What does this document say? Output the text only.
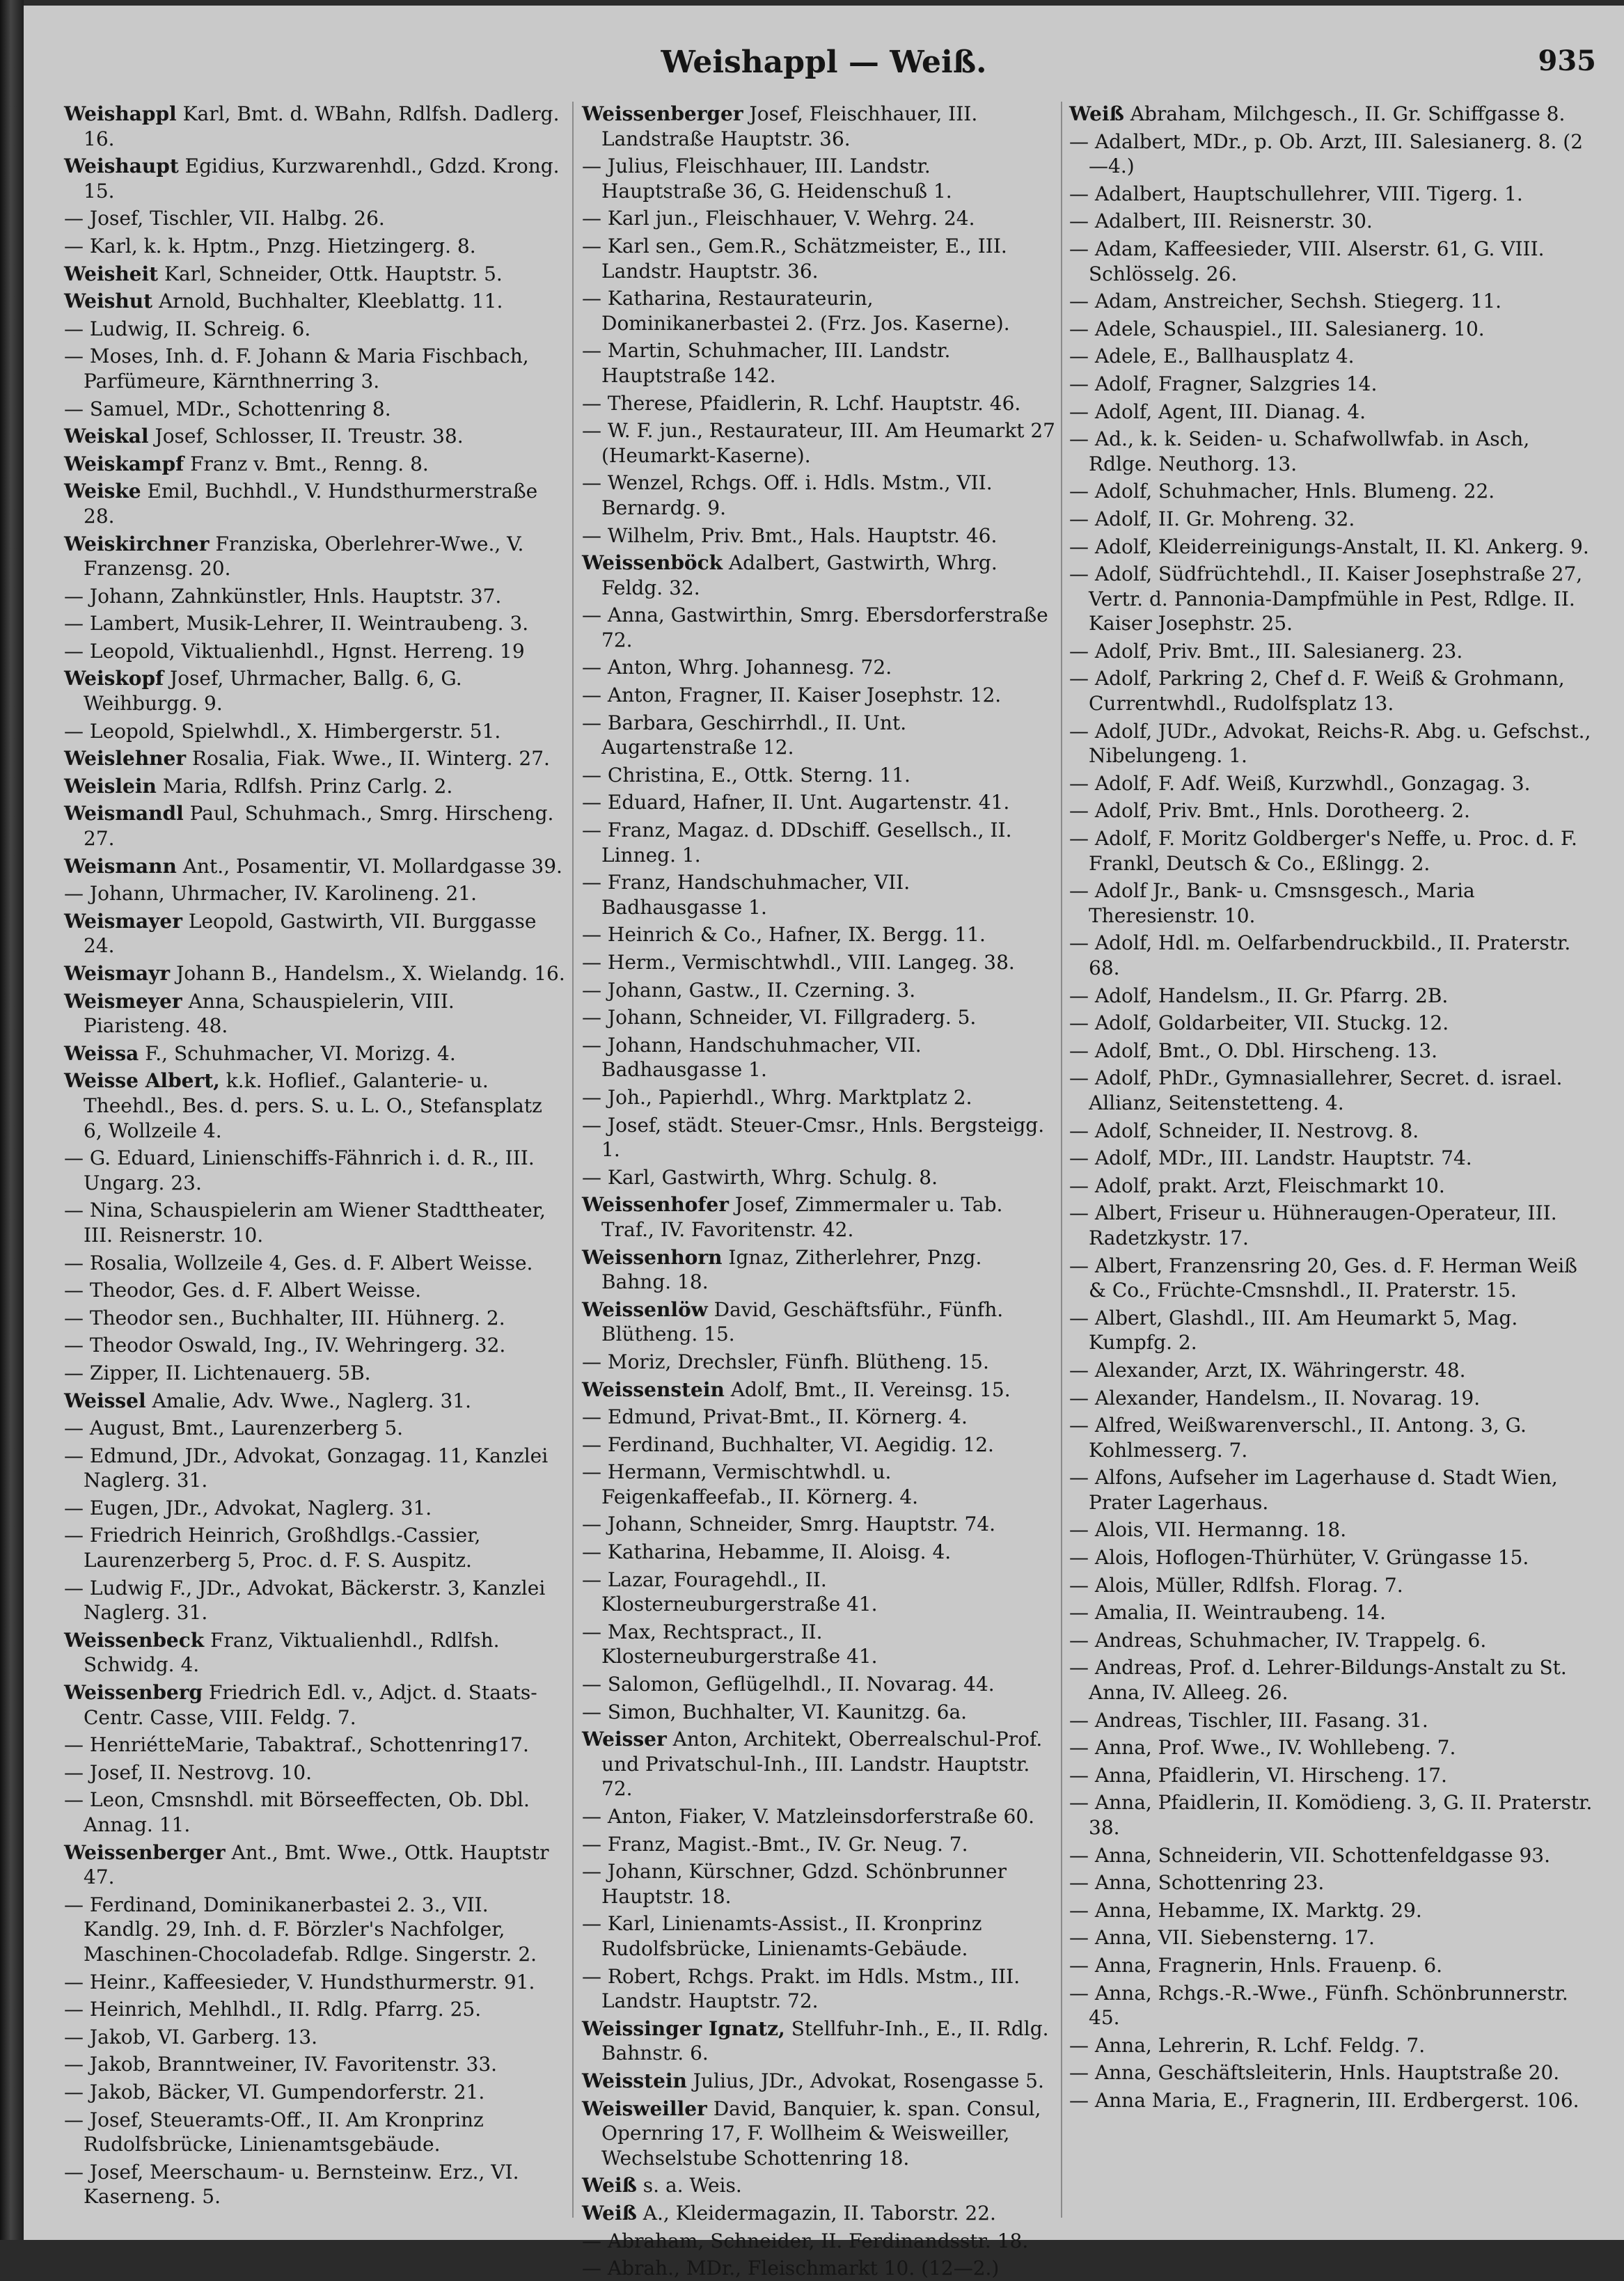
Weishappl — Weiß.	935
Weishappl Karl, Bmt. d. WBahn, Rdlfsh. Dadlerg. 16.
Weishaupt Egidius, Kurzwarenhdl., Gdzd. Krong. 15.
— Josef, Tischler, VII. Halbg. 26.
— Karl, k. k. Hptm., Pnzg. Hietzingerg. 8.
Weisheit Karl, Schneider, Ottk. Hauptstr. 5.
Weishut Arnold, Buchhalter, Kleeblattg. 11.
— Ludwig, II. Schreig. 6.
— Moses, Inh. d. F. Johann & Maria Fischbach, Parfümeure, Kärnthnerring 3.
— Samuel, MDr., Schottenring 8.
Weiskal Josef, Schlosser, II. Treustr. 38.
Weiskampf Franz v. Bmt., Renng. 8.
Weiske Emil, Buchhdl., V. Hundsthurmerstraße 28.
Weiskirchner Franziska, Oberlehrer-Wwe., V. Franzensg. 20.
— Johann, Zahnkünstler, Hnls. Hauptstr. 37.
— Lambert, Musik-Lehrer, II. Weintraubeng. 3.
— Leopold, Viktualienhdl., Hgnst. Herreng. 19
Weiskopf Josef, Uhrmacher, Ballg. 6, G. Weihburgg. 9.
— Leopold, Spielwhdl., X. Himbergerstr. 51.
Weislehner Rosalia, Fiak. Wwe., II. Winterg. 27.
Weislein Maria, Rdlfsh. Prinz Carlg. 2.
Weismandl Paul, Schuhmach., Smrg. Hirscheng. 27.
Weismann Ant., Posamentir, VI. Mollardgasse 39.
— Johann, Uhrmacher, IV. Karolineng. 21.
Weismayer Leopold, Gastwirth, VII. Burggasse 24.
Weismayr Johann B., Handelsm., X. Wielandg. 16.
Weismeyer Anna, Schauspielerin, VIII. Piaristeng. 48.
Weissa F., Schuhmacher, VI. Morizg. 4.
Weisse Albert, k.k. Hoflief., Galanterie- u. Theehdl., Bes. d. pers. S. u. L. O., Stefansplatz 6, Wollzeile 4.
— G. Eduard, Linienschiffs-Fähnrich i. d. R., III. Ungarg. 23.
— Nina, Schauspielerin am Wiener Stadttheater, III. Reisnerstr. 10.
— Rosalia, Wollzeile 4, Ges. d. F. Albert Weisse.
— Theodor, Ges. d. F. Albert Weisse.
— Theodor sen., Buchhalter, III. Hühnerg. 2.
— Theodor Oswald, Ing., IV. Wehringerg. 32.
— Zipper, II. Lichtenauerg. 5B.
Weissel Amalie, Adv. Wwe., Naglerg. 31.
— August, Bmt., Laurenzerberg 5.
— Edmund, JDr., Advokat, Gonzagag. 11, Kanzlei Naglerg. 31.
— Eugen, JDr., Advokat, Naglerg. 31.
— Friedrich Heinrich, Großhdlgs.-Cassier, Laurenzerberg 5, Proc. d. F. S. Auspitz.
— Ludwig F., JDr., Advokat, Bäckerstr. 3, Kanzlei Naglerg. 31.
Weissenbeck Franz, Viktualienhdl., Rdlfsh. Schwidg. 4.
Weissenberg Friedrich Edl. v., Adjct. d. Staats-Centr. Casse, VIII. Feldg. 7.
— HenriétteMarie, Tabaktraf., Schottenring17.
— Josef, II. Nestrovg. 10.
— Leon, Cmsnshdl. mit Börseeffecten, Ob. Dbl. Annag. 11.
Weissenberger Ant., Bmt. Wwe., Ottk. Hauptstr 47.
— Ferdinand, Dominikanerbastei 2. 3., VII. Kandlg. 29, Inh. d. F. Börzler's Nachfolger, Maschinen-Chocoladefab. Rdlge. Singerstr. 2.
— Heinr., Kaffeesieder, V. Hundsthurmerstr. 91.
— Heinrich, Mehlhdl., II. Rdlg. Pfarrg. 25.
— Jakob, VI. Garberg. 13.
— Jakob, Branntweiner, IV. Favoritenstr. 33.
— Jakob, Bäcker, VI. Gumpendorferstr. 21.
— Josef, Steueramts-Off., II. Am Kronprinz Rudolfsbrücke, Linienamtsgebäude.
— Josef, Meerschaum- u. Bernsteinw. Erz., VI. Kaserneng. 5.
Weissenberger Josef, Fleischhauer, III. Landstraße Hauptstr. 36.
— Julius, Fleischhauer, III. Landstr. Hauptstraße 36, G. Heidenschuß 1.
— Karl jun., Fleischhauer, V. Wehrg. 24.
— Karl sen., Gem.R., Schätzmeister, E., III. Landstr. Hauptstr. 36.
— Katharina, Restaurateurin, Dominikanerbastei 2. (Frz. Jos. Kaserne).
— Martin, Schuhmacher, III. Landstr. Hauptstraße 142.
— Therese, Pfaidlerin, R. Lchf. Hauptstr. 46.
— W. F. jun., Restaurateur, III. Am Heumarkt 27 (Heumarkt-Kaserne).
— Wenzel, Rchgs. Off. i. Hdls. Mstm., VII. Bernardg. 9.
— Wilhelm, Priv. Bmt., Hals. Hauptstr. 46.
Weissenböck Adalbert, Gastwirth, Whrg. Feldg. 32.
— Anna, Gastwirthin, Smrg. Ebersdorferstraße 72.
— Anton, Whrg. Johannesg. 72.
— Anton, Fragner, II. Kaiser Josephstr. 12.
— Barbara, Geschirrhdl., II. Unt. Augartenstraße 12.
— Christina, E., Ottk. Sterng. 11.
— Eduard, Hafner, II. Unt. Augartenstr. 41.
— Franz, Magaz. d. DDschiff. Gesellsch., II. Linneg. 1.
— Franz, Handschuhmacher, VII. Badhausgasse 1.
— Heinrich & Co., Hafner, IX. Bergg. 11.
— Herm., Vermischtwhdl., VIII. Langeg. 38.
— Johann, Gastw., II. Czerning. 3.
— Johann, Schneider, VI. Fillgraderg. 5.
— Johann, Handschuhmacher, VII. Badhausgasse 1.
— Joh., Papierhdl., Whrg. Marktplatz 2.
— Josef, städt. Steuer-Cmsr., Hnls. Bergsteigg. 1.
— Karl, Gastwirth, Whrg. Schulg. 8.
Weissenhofer Josef, Zimmermaler u. Tab. Traf., IV. Favoritenstr. 42.
Weissenhorn Ignaz, Zitherlehrer, Pnzg. Bahng. 18.
Weissenlöw David, Geschäftsführ., Fünfh. Blütheng. 15.
— Moriz, Drechsler, Fünfh. Blütheng. 15.
Weissenstein Adolf, Bmt., II. Vereinsg. 15.
— Edmund, Privat-Bmt., II. Körnerg. 4.
— Ferdinand, Buchhalter, VI. Aegidig. 12.
— Hermann, Vermischtwhdl. u. Feigenkaffeefab., II. Körnerg. 4.
— Johann, Schneider, Smrg. Hauptstr. 74.
— Katharina, Hebamme, II. Aloisg. 4.
— Lazar, Fouragehdl., II. Klosterneuburgerstraße 41.
— Max, Rechtspract., II. Klosterneuburgerstraße 41.
— Salomon, Geflügelhdl., II. Novarag. 44.
— Simon, Buchhalter, VI. Kaunitzg. 6a.
Weisser Anton, Architekt, Oberrealschul-Prof. und Privatschul-Inh., III. Landstr. Hauptstr. 72.
— Anton, Fiaker, V. Matzleinsdorferstraße 60.
— Franz, Magist.-Bmt., IV. Gr. Neug. 7.
— Johann, Kürschner, Gdzd. Schönbrunner Hauptstr. 18.
— Karl, Linienamts-Assist., II. Kronprinz Rudolfsbrücke, Linienamts-Gebäude.
— Robert, Rchgs. Prakt. im Hdls. Mstm., III. Landstr. Hauptstr. 72.
Weissinger Ignatz, Stellfuhr-Inh., E., II. Rdlg. Bahnstr. 6.
Weisstein Julius, JDr., Advokat, Rosengasse 5.
Weisweiller David, Banquier, k. span. Consul, Opernring 17, F. Wollheim & Weisweiller, Wechselstube Schottenring 18.
Weiß s. a. Weis.
Weiß A., Kleidermagazin, II. Taborstr. 22.
— Abraham, Schneider, II. Ferdinandsstr. 18.
— Abrah., MDr., Fleischmarkt 10. (12—2.)
Weiß Abraham, Milchgesch., II. Gr. Schiffgasse 8.
— Adalbert, MDr., p. Ob. Arzt, III. Salesianerg. 8. (2—4.)
— Adalbert, Hauptschullehrer, VIII. Tigerg. 1.
— Adalbert, III. Reisnerstr. 30.
— Adam, Kaffeesieder, VIII. Alserstr. 61, G. VIII. Schlösselg. 26.
— Adam, Anstreicher, Sechsh. Stiegerg. 11.
— Adele, Schauspiel., III. Salesianerg. 10.
— Adele, E., Ballhausplatz 4.
— Adolf, Fragner, Salzgries 14.
— Adolf, Agent, III. Dianag. 4.
— Ad., k. k. Seiden- u. Schafwollwfab. in Asch, Rdlge. Neuthorg. 13.
— Adolf, Schuhmacher, Hnls. Blumeng. 22.
— Adolf, II. Gr. Mohreng. 32.
— Adolf, Kleiderreinigungs-Anstalt, II. Kl. Ankerg. 9.
— Adolf, Südfrüchtehdl., II. Kaiser Josephstraße 27, Vertr. d. Pannonia-Dampfmühle in Pest, Rdlge. II. Kaiser Josephstr. 25.
— Adolf, Priv. Bmt., III. Salesianerg. 23.
— Adolf, Parkring 2, Chef d. F. Weiß & Grohmann, Currentwhdl., Rudolfsplatz 13.
— Adolf, JUDr., Advokat, Reichs-R. Abg. u. Gefschst., Nibelungeng. 1.
— Adolf, F. Adf. Weiß, Kurzwhdl., Gonzagag. 3.
— Adolf, Priv. Bmt., Hnls. Dorotheerg. 2.
— Adolf, F. Moritz Goldberger's Neffe, u. Proc. d. F. Frankl, Deutsch & Co., Eßlingg. 2.
— Adolf Jr., Bank- u. Cmsnsgesch., Maria Theresienstr. 10.
— Adolf, Hdl. m. Oelfarbendruckbild., II. Praterstr. 68.
— Adolf, Handelsm., II. Gr. Pfarrg. 2B.
— Adolf, Goldarbeiter, VII. Stuckg. 12.
— Adolf, Bmt., O. Dbl. Hirscheng. 13.
— Adolf, PhDr., Gymnasiallehrer, Secret. d. israel. Allianz, Seitenstetteng. 4.
— Adolf, Schneider, II. Nestrovg. 8.
— Adolf, MDr., III. Landstr. Hauptstr. 74.
— Adolf, prakt. Arzt, Fleischmarkt 10.
— Albert, Friseur u. Hühneraugen-Operateur, III. Radetzkystr. 17.
— Albert, Franzensring 20, Ges. d. F. Herman Weiß & Co., Früchte-Cmsnshdl., II. Praterstr. 15.
— Albert, Glashdl., III. Am Heumarkt 5, Mag. Kumpfg. 2.
— Alexander, Arzt, IX. Währingerstr. 48.
— Alexander, Handelsm., II. Novarag. 19.
— Alfred, Weißwarenverschl., II. Antong. 3, G. Kohlmesserg. 7.
— Alfons, Aufseher im Lagerhause d. Stadt Wien, Prater Lagerhaus.
— Alois, VII. Hermanng. 18.
— Alois, Hoflogen-Thürhüter, V. Grüngasse 15.
— Alois, Müller, Rdlfsh. Florag. 7.
— Amalia, II. Weintraubeng. 14.
— Andreas, Schuhmacher, IV. Trappelg. 6.
— Andreas, Prof. d. Lehrer-Bildungs-Anstalt zu St. Anna, IV. Alleeg. 26.
— Andreas, Tischler, III. Fasang. 31.
— Anna, Prof. Wwe., IV. Wohllebeng. 7.
— Anna, Pfaidlerin, VI. Hirscheng. 17.
— Anna, Pfaidlerin, II. Komödieng. 3, G. II. Praterstr. 38.
— Anna, Schneiderin, VII. Schottenfeldgasse 93.
— Anna, Schottenring 23.
— Anna, Hebamme, IX. Marktg. 29.
— Anna, VII. Siebensterng. 17.
— Anna, Fragnerin, Hnls. Frauenp. 6.
— Anna, Rchgs.-R.-Wwe., Fünfh. Schönbrunnerstr. 45.
— Anna, Lehrerin, R. Lchf. Feldg. 7.
— Anna, Geschäftsleiterin, Hnls. Hauptstraße 20.
— Anna Maria, E., Fragnerin, III. Erdbergerst. 106.
